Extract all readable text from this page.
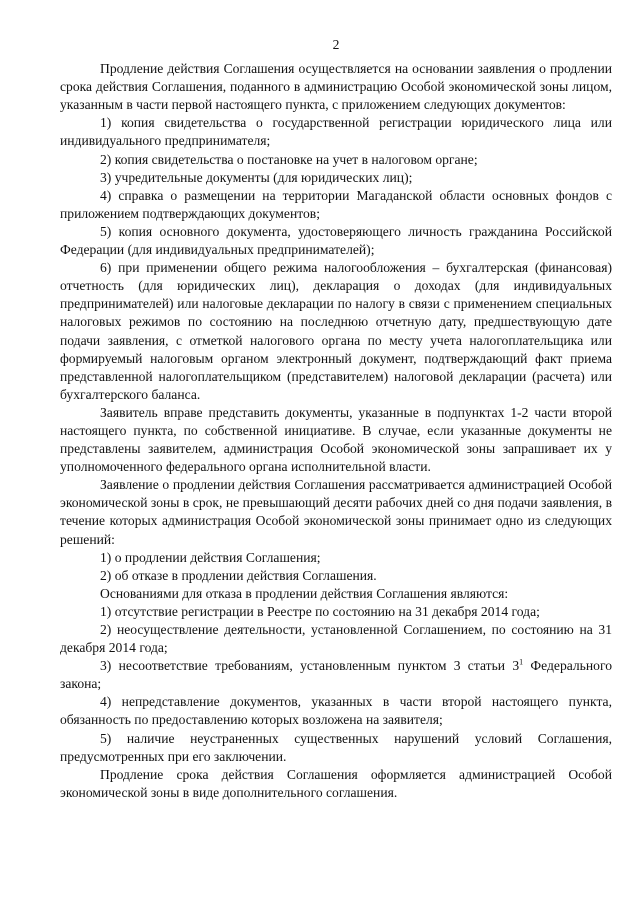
2

Продление действия Соглашения осуществляется на основании заявления о продлении срока действия Соглашения, поданного в администрацию Особой экономической зоны лицом, указанным в части первой настоящего пункта, с приложением следующих документов:

1) копия свидетельства о государственной регистрации юридического лица или индивидуального предпринимателя;

2) копия свидетельства о постановке на учет в налоговом органе;

3) учредительные документы (для юридических лиц);

4) справка о размещении на территории Магаданской области основных фондов с приложением подтверждающих документов;

5) копия основного документа, удостоверяющего личность гражданина Российской Федерации (для индивидуальных предпринимателей);

6) при применении общего режима налогообложения – бухгалтерская (финансовая) отчетность (для юридических лиц), декларация о доходах (для индивидуальных предпринимателей) или налоговые декларации по налогу в связи с применением специальных налоговых режимов по состоянию на последнюю отчетную дату, предшествующую дате подачи заявления, с отметкой налогового органа по месту учета налогоплательщика или формируемый налоговым органом электронный документ, подтверждающий факт приема представленной налогоплательщиком (представителем) налоговой декларации (расчета) или бухгалтерского баланса.

Заявитель вправе представить документы, указанные в подпунктах 1-2 части второй настоящего пункта, по собственной инициативе. В случае, если указанные документы не представлены заявителем, администрация Особой экономической зоны запрашивает их у уполномоченного федерального органа исполнительной власти.

Заявление о продлении действия Соглашения рассматривается администрацией Особой экономической зоны в срок, не превышающий десяти рабочих дней со дня подачи заявления, в течение которых администрация Особой экономической зоны принимает одно из следующих решений:

1) о продлении действия Соглашения;

2) об отказе в продлении действия Соглашения.

Основаниями для отказа в продлении действия Соглашения являются:

1) отсутствие регистрации в Реестре по состоянию на 31 декабря 2014 года;

2) неосуществление деятельности, установленной Соглашением, по состоянию на 31 декабря 2014 года;

3) несоответствие требованиям, установленным пунктом 3 статьи $3^1$ Федерального закона;

4) непредставление документов, указанных в части второй настоящего пункта, обязанность по предоставлению которых возложена на заявителя;

5) наличие неустраненных существенных нарушений условий Соглашения, предусмотренных при его заключении.

Продление срока действия Соглашения оформляется администрацией Особой экономической зоны в виде дополнительного соглашения.
